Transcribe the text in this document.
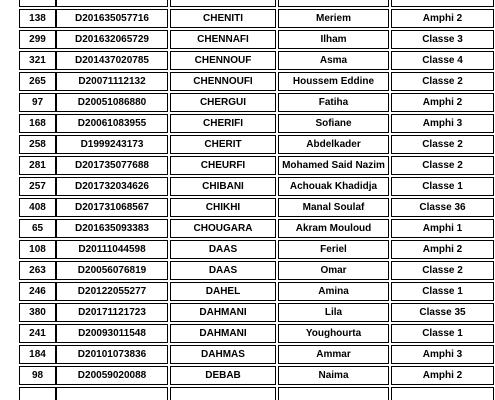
138	D201635057716		CHENITI		Meriem		Amphi 2
299	D201632065729		CHENNAFI		Ilham		Classe 3
321	D201437020785		CHENNOUF		Asma		Classe 4
265	D20071112132		CHENNOUFI		Houssem Eddine		Classe 2
97	D20051086880		CHERGUI		Fatiha		Amphi 2
168	D20061083955		CHERIFI		Sofiane		Amphi 3
258	D1999243173		CHERIT		Abdelkader		Classe 2
281	D201735077688		CHEURFI		Mohamed Said Nazim		Classe 2
257	D201732034626		CHIBANI		Achouak Khadidja		Classe 1
408	D201731068567		CHIKHI		Manal Soulaf		Classe 36
65	D201635093383		CHOUGARA		Akram Mouloud		Amphi 1
108	D20111044598		DAAS		Feriel		Amphi 2
263	D20056076819		DAAS		Omar		Classe 2
246	D20122055277		DAHEL		Amina		Classe 1
380	D20171121723		DAHMANI		Lila		Classe 35
241	D20093011548		DAHMANI		Youghourta		Classe 1
184	D20101073836		DAHMAS		Ammar		Amphi 3
98	D20059020088		DEBAB		Naima		Amphi 2
